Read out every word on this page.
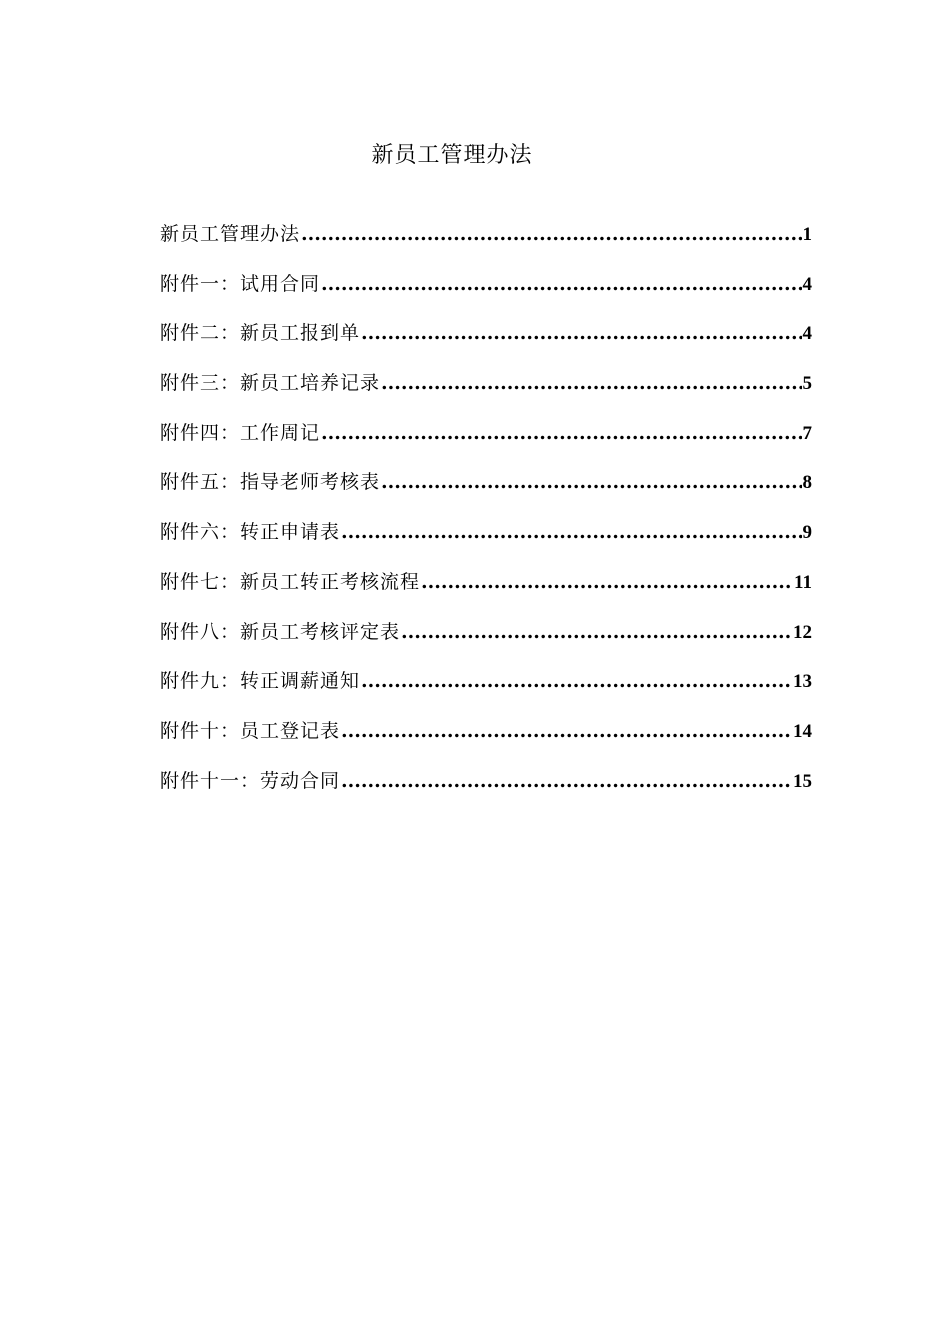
新员工管理办法
新员工管理办法 .....	1
附件一：试用合同 .....	4
附件二：新员工报到单 .....	4
附件三：新员工培养记录 .....	5
附件四：工作周记 .....	7
附件五：指导老师考核表 .....	8
附件六：转正申请表 .....	9
附件七：新员工转正考核流程 .....	11
附件八：新员工考核评定表 .....	12
附件九：转正调薪通知 .....	13
附件十：员工登记表 .....	14
附件十一：劳动合同 .....	15
